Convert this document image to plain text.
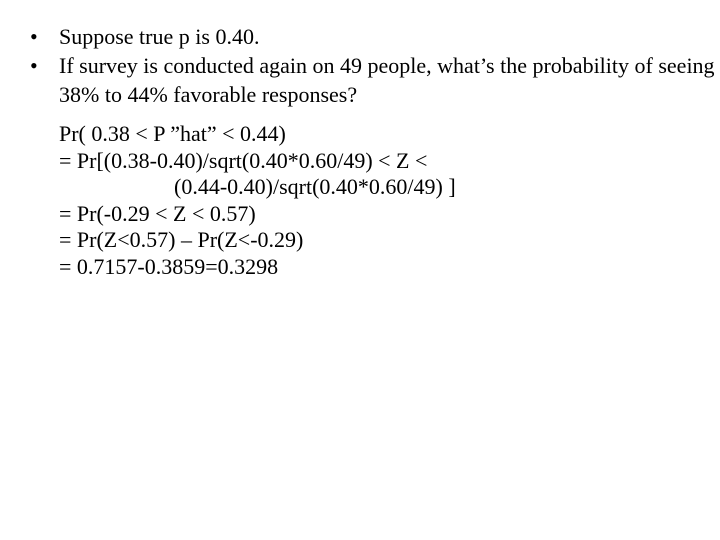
• Suppose true p is 0.40.
• If survey is conducted again on 49 people, what’s the probability of seeing 38% to 44% favorable responses?
Pr( 0.38 < P ”hat” < 0.44)
= Pr[(0.38-0.40)/sqrt(0.40*0.60/49) < Z <
(0.44-0.40)/sqrt(0.40*0.60/49) ]
= Pr(-0.29 < Z < 0.57)
= Pr(Z<0.57) – Pr(Z<-0.29)
= 0.7157-0.3859=0.3298
